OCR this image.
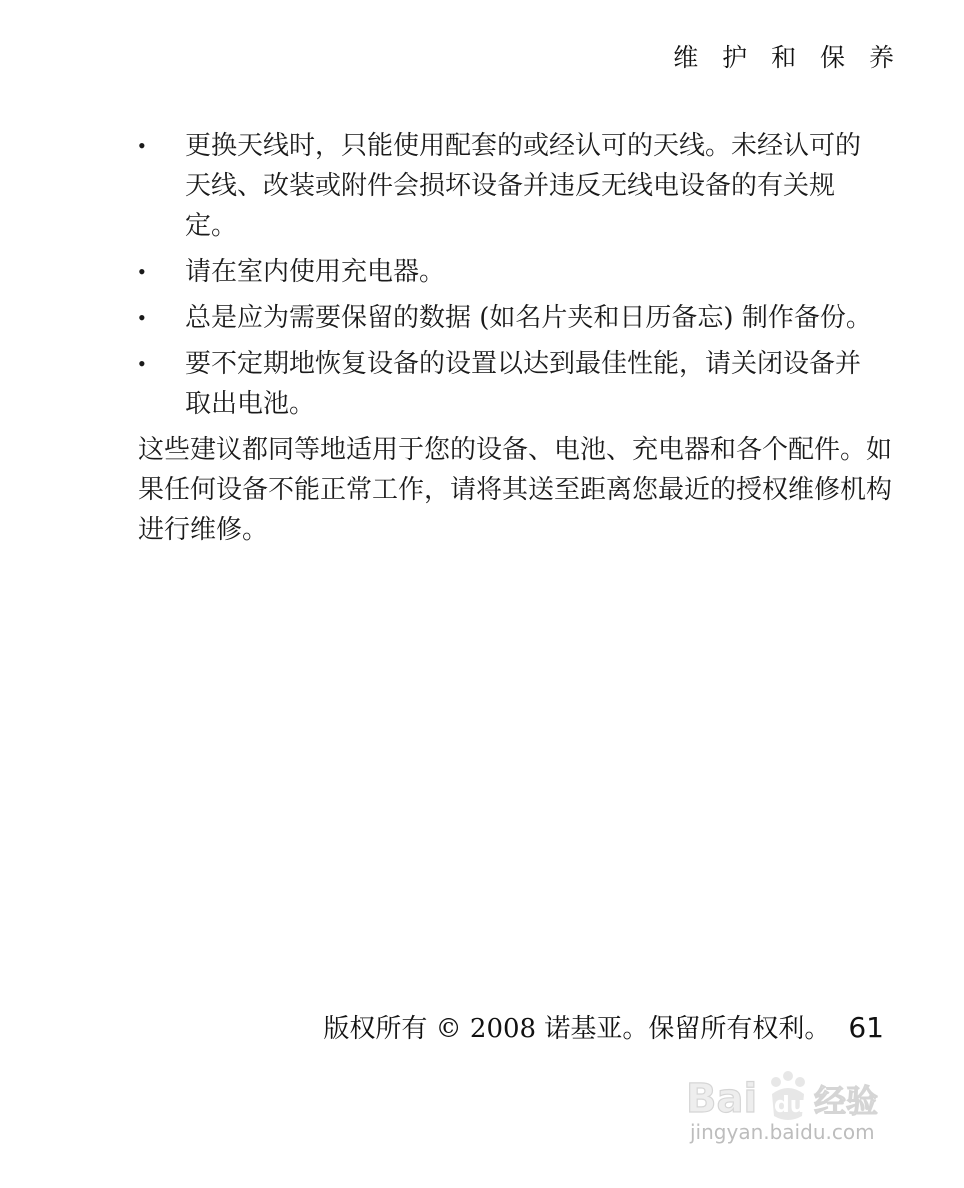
维 护 和 保 养
•	更换天线时，只能使用配套的或经认可的天线。未经认可的天线、改装或附件会损坏设备并违反无线电设备的有关规定。
•	请在室内使用充电器。
•	总是应为需要保留的数据 (如名片夹和日历备忘) 制作备份。
•	要不定期地恢复设备的设置以达到最佳性能，请关闭设备并取出电池。

这些建议都同等地适用于您的设备、电池、充电器和各个配件。如果任何设备不能正常工作，请将其送至距离您最近的授权维修机构进行维修。

版权所有 © 2008 诺基亚。保留所有权利。 61
Bai du 经验
jingyan.baidu.com
